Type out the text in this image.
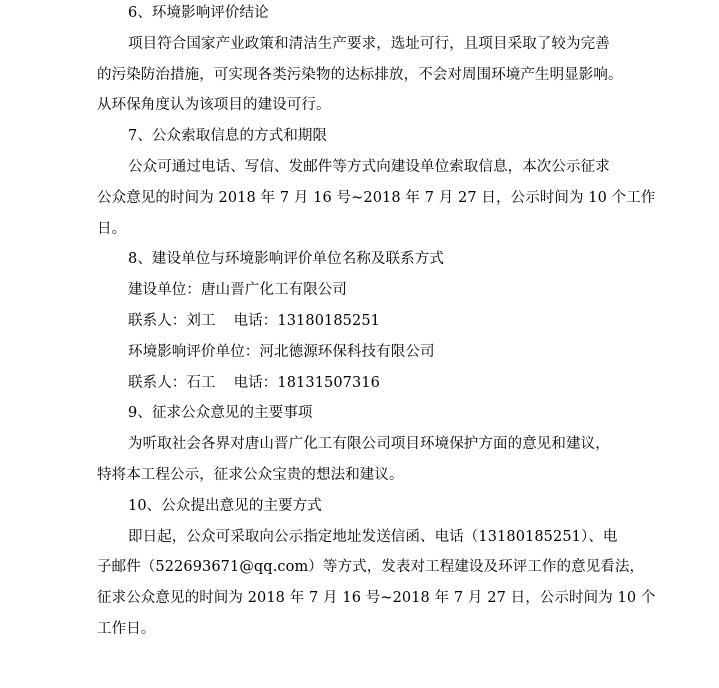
6、环境影响评价结论
项目符合国家产业政策和清洁生产要求，选址可行，且项目采取了较为完善
的污染防治措施，可实现各类污染物的达标排放，不会对周围环境产生明显影响。
从环保角度认为该项目的建设可行。
7、公众索取信息的方式和期限
公众可通过电话、写信、发邮件等方式向建设单位索取信息，本次公示征求
公众意见的时间为 2018 年 7 月 16 号~2018 年 7 月 27 日，公示时间为 10 个工作
日。
8、建设单位与环境影响评价单位名称及联系方式
建设单位：唐山晋广化工有限公司
联系人：刘工 电话：13180185251
环境影响评价单位：河北德源环保科技有限公司
联系人：石工 电话：18131507316
9、征求公众意见的主要事项
为听取社会各界对唐山晋广化工有限公司项目环境保护方面的意见和建议，
特将本工程公示，征求公众宝贵的想法和建议。
10、公众提出意见的主要方式
即日起，公众可采取向公示指定地址发送信函、电话（13180185251）、电
子邮件（522693671@qq.com）等方式，发表对工程建设及环评工作的意见看法，
征求公众意见的时间为 2018 年 7 月 16 号~2018 年 7 月 27 日，公示时间为 10 个
工作日。
